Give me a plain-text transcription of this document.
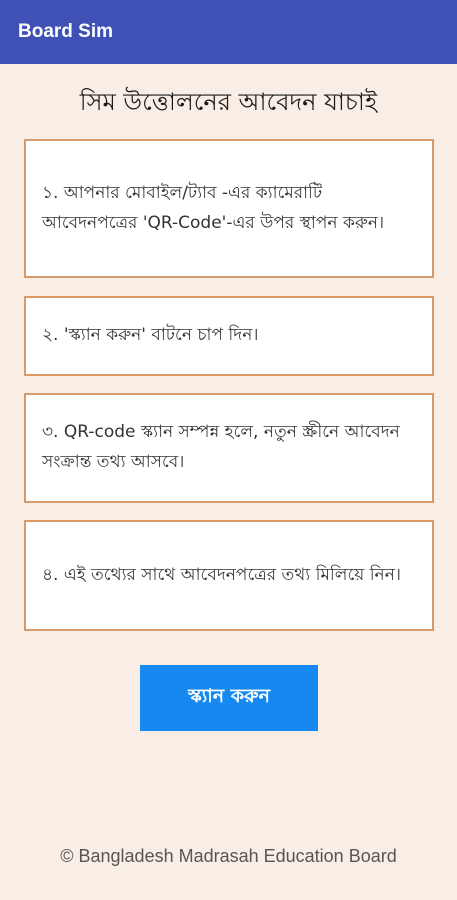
Board Sim
সিম উত্তোলনের আবেদন যাচাই
১. আপনার মোবাইল/ট্যাব -এর ক্যামেরাটি আবেদনপত্রের 'QR-Code'-এর উপর স্থাপন করুন।
২. 'স্ক্যান করুন' বাটনে চাপ দিন।
৩. QR-code স্ক্যান সম্পন্ন হলে, নতুন স্ক্রীনে আবেদন সংক্রান্ত তথ্য আসবে।
৪. এই তথ্যের সাথে আবেদনপত্রের তথ্য মিলিয়ে নিন।
স্ক্যান করুন
© Bangladesh Madrasah Education Board
